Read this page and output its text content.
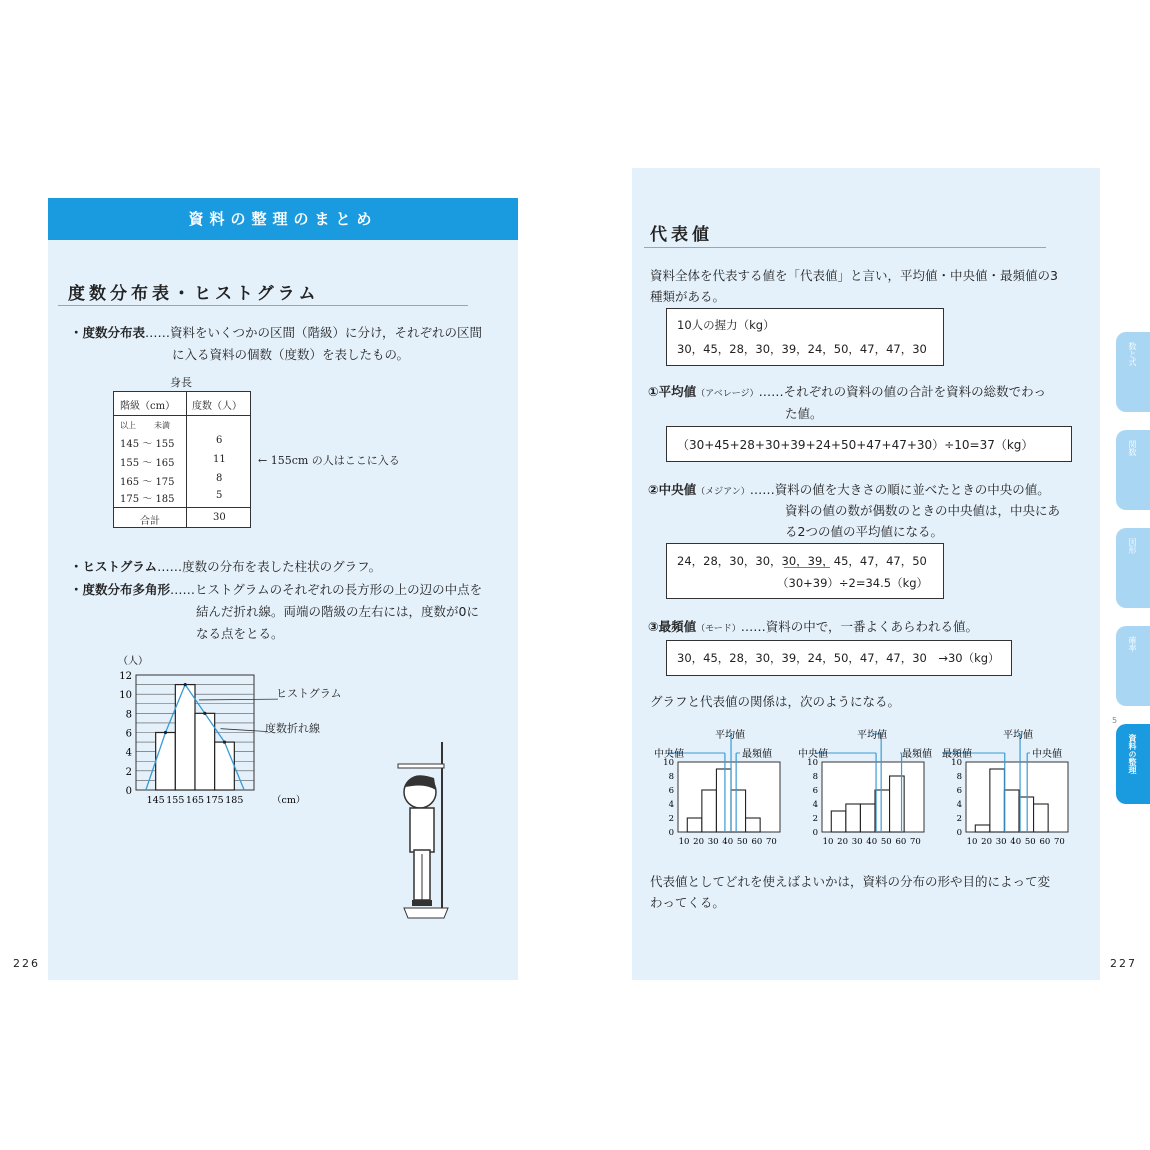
資料の整理のまとめ
度数分布表・ヒストグラム
・度数分布表……資料をいくつかの区間（階級）に分け，それぞれの区間
に入る資料の個数（度数）を表したもの。
身長
階級（cm） 度数（人）
以上 未満
145 ～ 155	6
155 ～ 165	11
165 ～ 175	8
175 ～ 185	5
合計	30
← 155cm の人はここに入る
・ヒストグラム……度数の分布を表した柱状のグラフ。
・度数分布多角形……ヒストグラムのそれぞれの長方形の上の辺の中点を
結んだ折れ線。両端の階級の左右には，度数が0に
なる点をとる。
0
2
4
6
8
10
12
（人）
145 155 165 175 185	（cm）
ヒストグラム
度数折れ線
226
代表値
資料全体を代表する値を「代表値」と言い，平均値・中央値・最頻値の3
種類がある。
10人の握力（kg）
30，45，28，30，39，24，50，47，47，30
①平均値（アベレージ）……それぞれの資料の値の合計を資料の総数でわっ
た値。
（30+45+28+30+39+24+50+47+47+30）÷10=37（kg）
②中央値（メジアン）……資料の値を大きさの順に並べたときの中央の値。
資料の値の数が偶数のときの中央値は，中央にあ
る2つの値の平均値になる。
24，28，30，30，30，39，45，47，47，50
（30+39）÷2=34.5（kg）
③最頻値（モード）……資料の中で，一番よくあらわれる値。
30，45，28，30，39，24，50，47，47，30　→30（kg）
グラフと代表値の関係は，次のようになる。
0
2
4
6
8
10
10 20 30 40 50 60 70
中央値
平均値
最頻値
0
2
4
6
8
10
10 20 30 40 50 60 70
中央値
平均値
最頻値
0
2
4
6
8
10
10 20 30 40 50 60 70
最頻値
平均値
中央値
代表値としてどれを使えばよいかは，資料の分布の形や目的によって変
わってくる。
227
数と式
関数
図形
確率
資料の整理
5
